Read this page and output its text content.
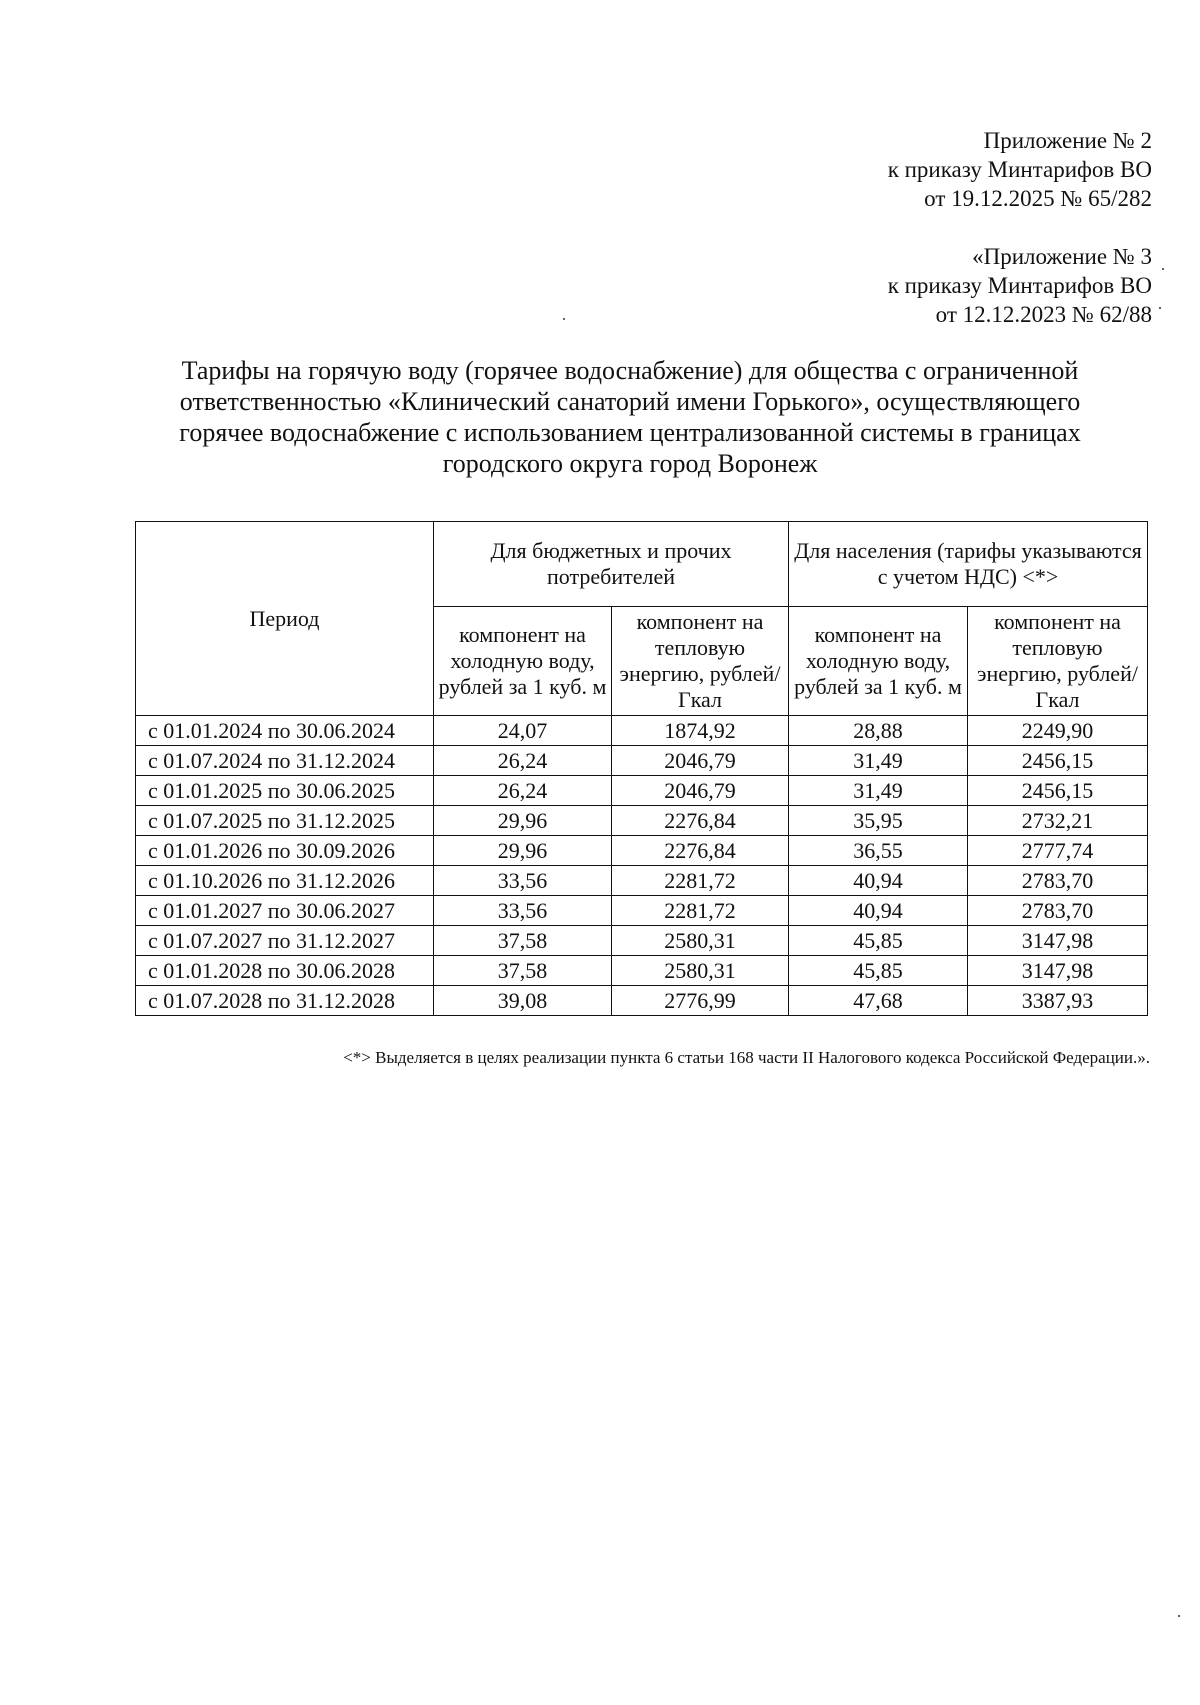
Приложение № 2
к приказу Минтарифов ВО
от 19.12.2025 № 65/282
«Приложение № 3
к приказу Минтарифов ВО
от 12.12.2023 № 62/88
Тарифы на горячую воду (горячее водоснабжение) для общества с ограниченной
ответственностью «Клинический санаторий имени Горького», осуществляющего
горячее водоснабжение с использованием централизованной системы в границах
городского округа город Воронеж
Период	Для бюджетных и прочих потребителей		Для населения (тарифы указываются с учетом НДС) <*>	
	компонент на холодную воду, рублей за 1 куб. м	компонент на тепловую энергию, рублей/Гкал	компонент на холодную воду, рублей за 1 куб. м	компонент на тепловую энергию, рублей/Гкал
с 01.01.2024 по 30.06.2024	24,07	1874,92	28,88	2249,90
с 01.07.2024 по 31.12.2024	26,24	2046,79	31,49	2456,15
с 01.01.2025 по 30.06.2025	26,24	2046,79	31,49	2456,15
с 01.07.2025 по 31.12.2025	29,96	2276,84	35,95	2732,21
с 01.01.2026 по 30.09.2026	29,96	2276,84	36,55	2777,74
с 01.10.2026 по 31.12.2026	33,56	2281,72	40,94	2783,70
с 01.01.2027 по 30.06.2027	33,56	2281,72	40,94	2783,70
с 01.07.2027 по 31.12.2027	37,58	2580,31	45,85	3147,98
с 01.01.2028 по 30.06.2028	37,58	2580,31	45,85	3147,98
с 01.07.2028 по 31.12.2028	39,08	2776,99	47,68	3387,93
<*> Выделяется в целях реализации пункта 6 статьи 168 части II Налогового кодекса Российской Федерации.».
